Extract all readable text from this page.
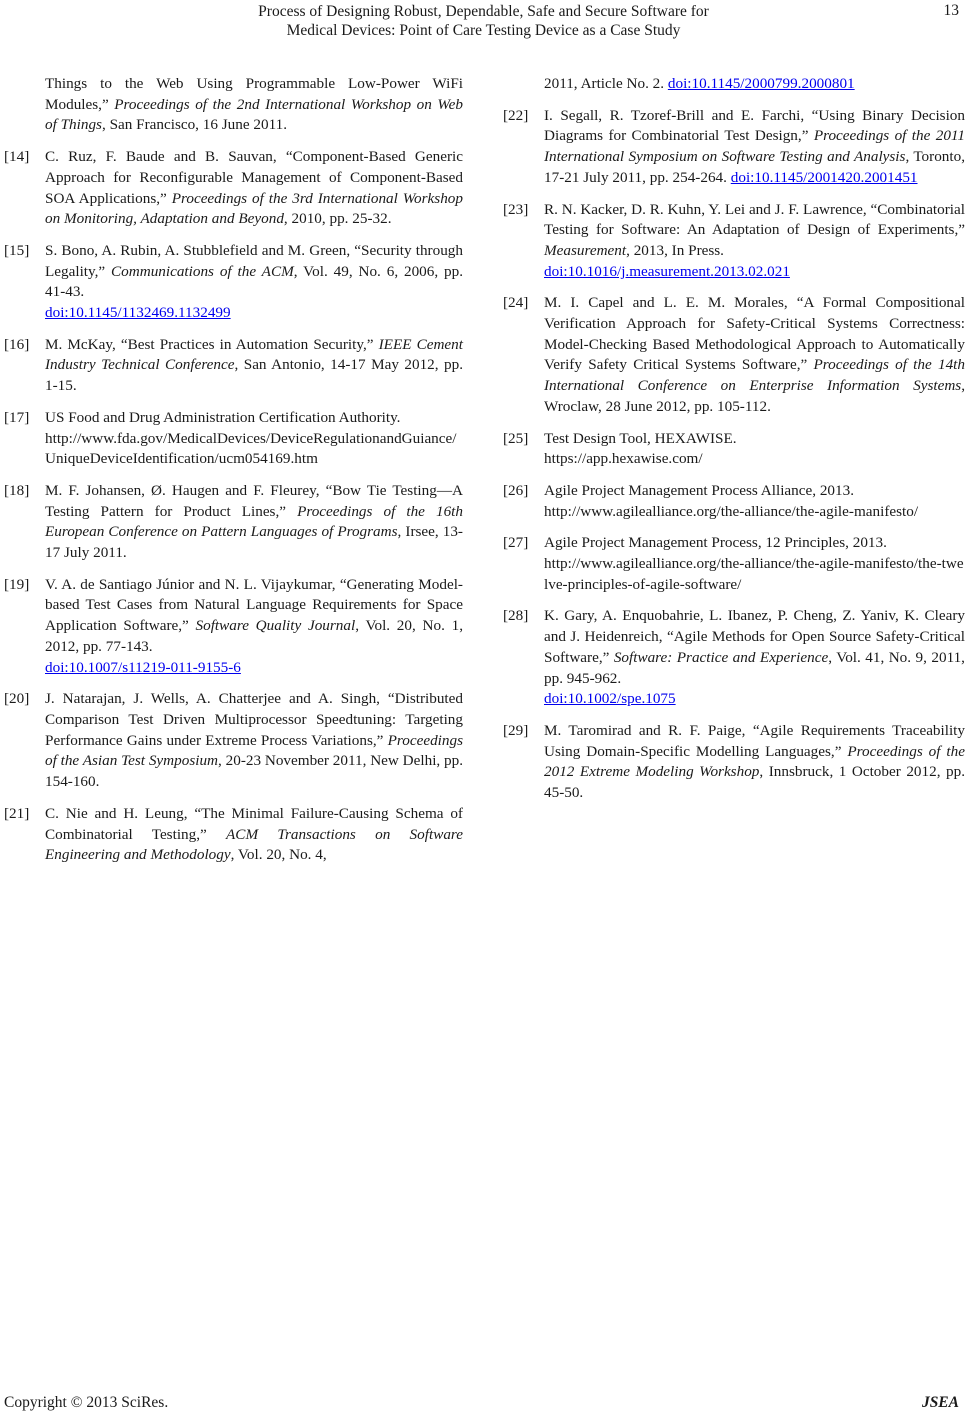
Process of Designing Robust, Dependable, Safe and Secure Software for
Medical Devices: Point of Care Testing Device as a Case Study
13
Things to the Web Using Programmable Low-Power WiFi Modules,” Proceedings of the 2nd International Workshop on Web of Things, San Francisco, 16 June 2011.
[14] C. Ruz, F. Baude and B. Sauvan, “Component-Based Generic Approach for Reconfigurable Management of Component-Based SOA Applications,” Proceedings of the 3rd International Workshop on Monitoring, Adaptation and Beyond, 2010, pp. 25-32.
[15] S. Bono, A. Rubin, A. Stubblefield and M. Green, “Security through Legality,” Communications of the ACM, Vol. 49, No. 6, 2006, pp. 41-43.
doi:10.1145/1132469.1132499
[16] M. McKay, “Best Practices in Automation Security,” IEEE Cement Industry Technical Conference, San Antonio, 14-17 May 2012, pp. 1-15.
[17] US Food and Drug Administration Certification Authority.
http://www.fda.gov/MedicalDevices/DeviceRegulationandGuiance/UniqueDeviceIdentification/ucm054169.htm
[18] M. F. Johansen, Ø. Haugen and F. Fleurey, “Bow Tie Testing—A Testing Pattern for Product Lines,” Proceedings of the 16th European Conference on Pattern Languages of Programs, Irsee, 13-17 July 2011.
[19] V. A. de Santiago Júnior and N. L. Vijaykumar, “Generating Model-based Test Cases from Natural Language Requirements for Space Application Software,” Software Quality Journal, Vol. 20, No. 1, 2012, pp. 77-143.
doi:10.1007/s11219-011-9155-6
[20] J. Natarajan, J. Wells, A. Chatterjee and A. Singh, “Distributed Comparison Test Driven Multiprocessor Speedtuning: Targeting Performance Gains under Extreme Process Variations,” Proceedings of the Asian Test Symposium, 20-23 November 2011, New Delhi, pp. 154-160.
[21] C. Nie and H. Leung, “The Minimal Failure-Causing Schema of Combinatorial Testing,” ACM Transactions on Software Engineering and Methodology, Vol. 20, No. 4,
2011, Article No. 2. doi:10.1145/2000799.2000801
[22] I. Segall, R. Tzoref-Brill and E. Farchi, “Using Binary Decision Diagrams for Combinatorial Test Design,” Proceedings of the 2011 International Symposium on Software Testing and Analysis, Toronto, 17-21 July 2011, pp. 254-264. doi:10.1145/2001420.2001451
[23] R. N. Kacker, D. R. Kuhn, Y. Lei and J. F. Lawrence, “Combinatorial Testing for Software: An Adaptation of Design of Experiments,” Measurement, 2013, In Press.
doi:10.1016/j.measurement.2013.02.021
[24] M. I. Capel and L. E. M. Morales, “A Formal Compositional Verification Approach for Safety-Critical Systems Correctness: Model-Checking Based Methodological Approach to Automatically Verify Safety Critical Systems Software,” Proceedings of the 14th International Conference on Enterprise Information Systems, Wroclaw, 28 June 2012, pp. 105-112.
[25] Test Design Tool, HEXAWISE.
https://app.hexawise.com/
[26] Agile Project Management Process Alliance, 2013.
http://www.agilealliance.org/the-alliance/the-agile-manifesto/
[27] Agile Project Management Process, 12 Principles, 2013.
http://www.agilealliance.org/the-alliance/the-agile-manifesto/the-twelve-principles-of-agile-software/
[28] K. Gary, A. Enquobahrie, L. Ibanez, P. Cheng, Z. Yaniv, K. Cleary and J. Heidenreich, “Agile Methods for Open Source Safety-Critical Software,” Software: Practice and Experience, Vol. 41, No. 9, 2011, pp. 945-962.
doi:10.1002/spe.1075
[29] M. Taromirad and R. F. Paige, “Agile Requirements Traceability Using Domain-Specific Modelling Languages,” Proceedings of the 2012 Extreme Modeling Workshop, Innsbruck, 1 October 2012, pp. 45-50.
Copyright © 2013 SciRes.	JSEA
